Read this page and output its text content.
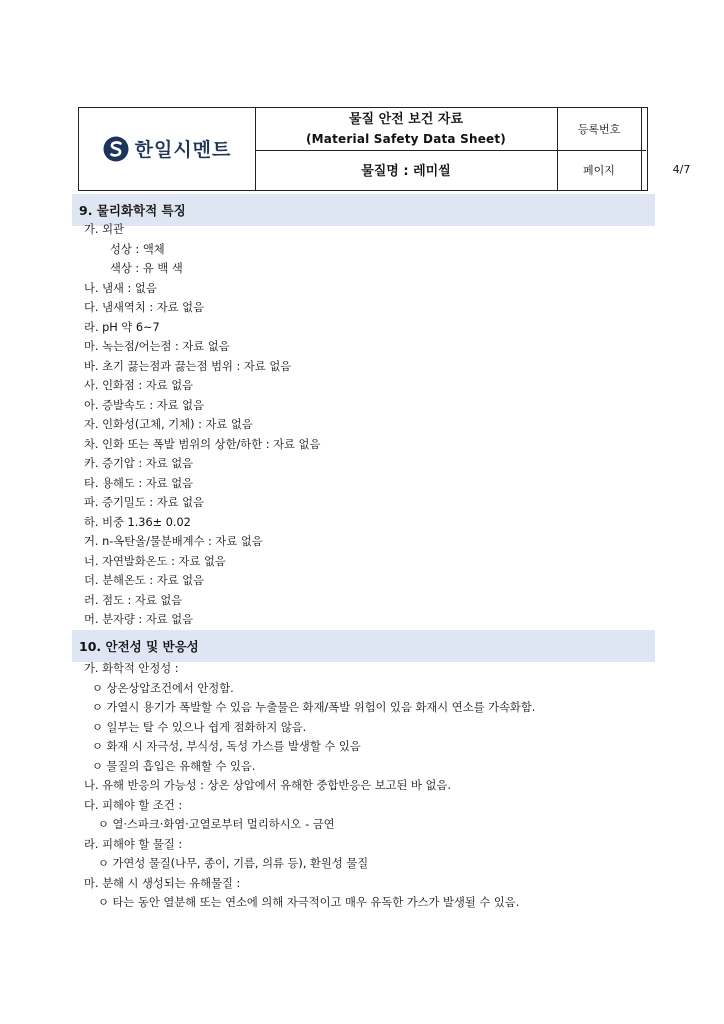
한일시멘트
물질 안전 보건 자료
(Material Safety Data Sheet)
물질명 : 레미씰
등록번호
페이지	4/7
9. 물리화학적 특징
가. 외관
성상 : 액체
색상 : 유 백 색
나. 냄새 : 없음
다. 냄새역치 : 자료 없음
라. pH 약 6~7
마. 녹는점/어는점 : 자료 없음
바. 초기 끓는점과 끓는점 범위 : 자료 없음
사. 인화점 : 자료 없음
아. 증발속도 : 자료 없음
자. 인화성(고체, 기체) : 자료 없음
차. 인화 또는 폭발 범위의 상한/하한 : 자료 없음
카. 증기압 : 자료 없음
타. 용해도 : 자료 없음
파. 증기밀도 : 자료 없음
하. 비중 1.36± 0.02
거. n-옥탄올/물분배계수 : 자료 없음
너. 자연발화온도 : 자료 없음
더. 분해온도 : 자료 없음
러. 점도 : 자료 없음
머. 분자량 : 자료 없음
10. 안전성 및 반응성
가. 화학적 안정성 :
ㅇ 상온상압조건에서 안정함.
ㅇ 가열시 용기가 폭발할 수 있음 누출물은 화재/폭발 위험이 있음 화재시 연소를 가속화함.
ㅇ 일부는 탈 수 있으나 쉽게 점화하지 않음.
ㅇ 화재 시 자극성, 부식성, 독성 가스를 발생할 수 있음
ㅇ 물질의 흡입은 유해할 수 있음.
나. 유해 반응의 가능성 : 상온 상압에서 유해한 중합반응은 보고된 바 없음.
다. 피해야 할 조건 :
ㅇ 열·스파크·화염·고열로부터 멀리하시오 - 금연
라. 피해야 할 물질 :
ㅇ 가연성 물질(나무, 종이, 기름, 의류 등), 환원성 물질
마. 분해 시 생성되는 유해물질 :
ㅇ 타는 동안 열분해 또는 연소에 의해 자극적이고 매우 유독한 가스가 발생될 수 있음.
